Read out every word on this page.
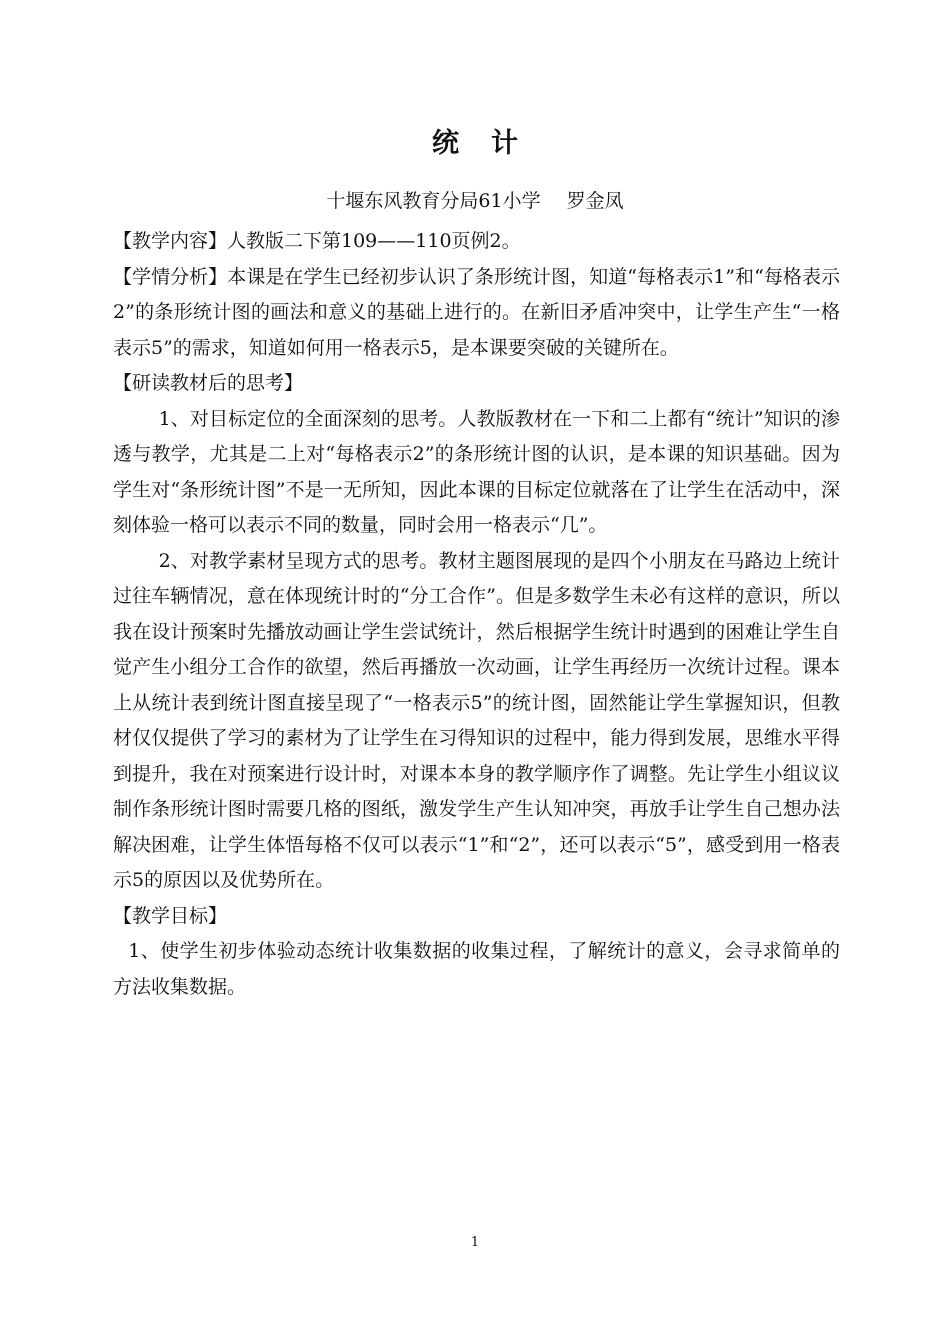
统计
十堰东风教育分局61小学 罗金凤

【教学内容】人教版二下第109——110页例2。

【学情分析】本课是在学生已经初步认识了条形统计图，知道“每格表示1”和“每格表示2”的条形统计图的画法和意义的基础上进行的。在新旧矛盾冲突中，让学生产生“一格表示5”的需求，知道如何用一格表示5，是本课要突破的关键所在。

【研读教材后的思考】

1、对目标定位的全面深刻的思考。人教版教材在一下和二上都有“统计”知识的渗透与教学，尤其是二上对“每格表示2”的条形统计图的认识，是本课的知识基础。因为学生对“条形统计图”不是一无所知，因此本课的目标定位就落在了让学生在活动中，深刻体验一格可以表示不同的数量，同时会用一格表示“几”。

2、对教学素材呈现方式的思考。教材主题图展现的是四个小朋友在马路边上统计过往车辆情况，意在体现统计时的“分工合作”。但是多数学生未必有这样的意识，所以我在设计预案时先播放动画让学生尝试统计，然后根据学生统计时遇到的困难让学生自觉产生小组分工合作的欲望，然后再播放一次动画，让学生再经历一次统计过程。课本上从统计表到统计图直接呈现了“一格表示5”的统计图，固然能让学生掌握知识，但教材仅仅提供了学习的素材为了让学生在习得知识的过程中，能力得到发展，思维水平得到提升，我在对预案进行设计时，对课本本身的教学顺序作了调整。先让学生小组议议制作条形统计图时需要几格的图纸，激发学生产生认知冲突，再放手让学生自己想办法解决困难，让学生体悟每格不仅可以表示“1”和“2”，还可以表示“5”，感受到用一格表示5的原因以及优势所在。

【教学目标】

1、使学生初步体验动态统计收集数据的收集过程，了解统计的意义，会寻求简单的方法收集数据。

1
